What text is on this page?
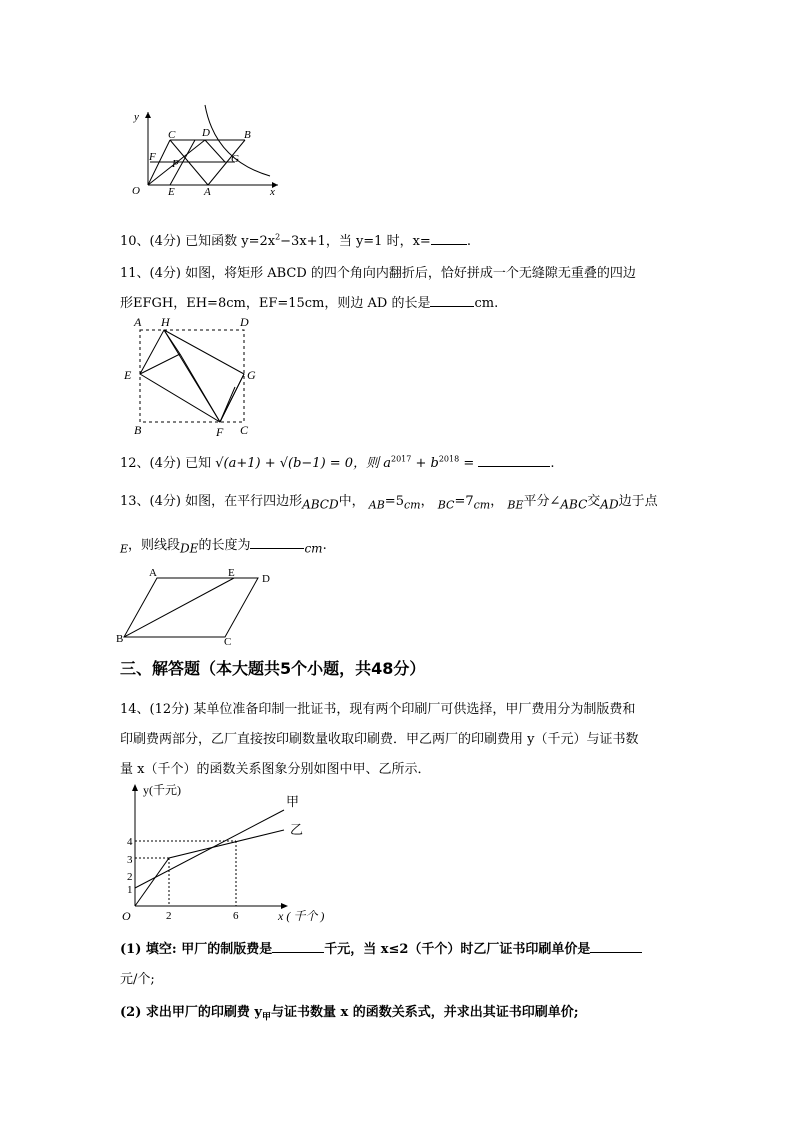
y
C D	B
F
P	G
O	E	A	x
10、(4分) 已知函数 $y=2x^2-3x+1$，当 y=1 时，x=	.
11、(4分) 如图，将矩形 ABCD 的四个角向内翻折后，恰好拼成一个无缝隙无重叠的四边
形EFGH，EH=8cm，EF=15cm，则边 AD 的长是	cm.
A H	D
E	G
B	F C
12、(4分) 已知 √(a+1) + √(b−1) = 0，则 $a^{2017} + b^{2018}$ =	.
13、(4分) 如图，在平行四边形ABCD中， $_{AB}=5_{cm}$， $_{BC}=7_{cm}$， $_{BE}$平分∠ABC交AD边于点
$_E$，则线段DE的长度为	cm.
A	E D
B	C
三、解答题（本大题共5个小题，共48分）
14、(12分) 某单位准备印制一批证书，现有两个印刷厂可供选择，甲厂费用分为制版费和
印刷费两部分，乙厂直接按印刷数量收取印刷费．甲乙两厂的印刷费用 y（千元）与证书数
量 x（千个）的函数关系图象分别如图中甲、乙所示．
y(千元)
x ( 千个 )
甲
乙
O
1
2
3
4
2	6
(1) 填空: 甲厂的制版费是	千元，当 x≤2（千个）时乙厂证书印刷单价是
元/个;
(2) 求出甲厂的印刷费 $y_甲$与证书数量 x 的函数关系式，并求出其证书印刷单价;
